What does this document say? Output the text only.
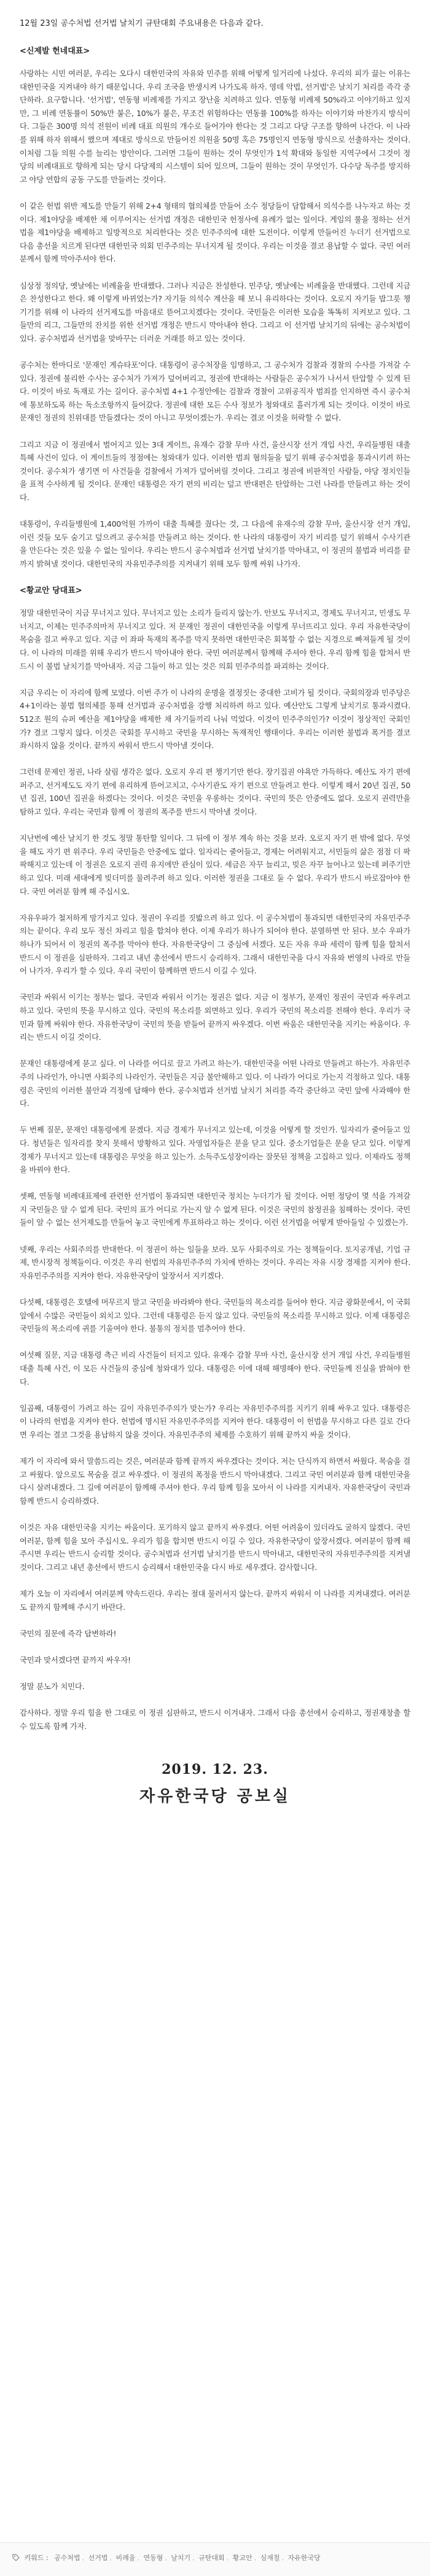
12월 23일 공수처법 선거법 날치기 규탄대회 주요내용은 다음과 같다.
<신제발 헌네대표>

사랑하는 시민 여러분, 우리는 오다시 대한민국의 자유와 민주를 위해 어떻게 일거리에 나섰다. 우리의 피가 끓는 이유는 대한민국을 지켜내야 하기 때문입니다. 우리 조국을 반생시켜 나가도록 하자. 영데 악법, 선거법'은 날치기 처리를 즉각 중단하라. 요구합니다. '선거법', 연동형 비례제를 가지고 장난을 치려하고 있다. 연동형 비례제 50%라고 이야기하고 있지만, 그 비례 연동률이 50%만 붙은, 10%가 붙은, 무조건 위험하다는 연동률 100%를 하자는 이야기와 마찬가지 방식이다. 그들은 300명 의석 전원이 비례 대표 의원의 개수로 들어가야 한다는 것 그리고 다당 구조를 향하여 나간다. 이 나라를 위해 하자 위해서 했으며 제대로 방식으로 만들어진 의원을 50명 혹은 75명인지 연동형 방식으로 선출하자는 것이다. 이처럼 그들 의원 수를 늘리는 방안이다. 그러면 그들이 원하는 것이 무엇인가 1석 확대와 동일한 지역구에서 그것이 정당의 비례대표로 향하게 되는 당시 다당제의 시스템이 되어 있으며, 그들이 원하는 것이 무엇인가. 다수당 독주를 방지하고 야당 연합의 공동 구도를 만들려는 것이다.

이 같은 헌법 위반 제도를 만들기 위해 2+4 형태의 협의체를 만들어 소수 정당들이 담합해서 의석수를 나누자고 하는 것이다. 제1야당을 배제한 채 이루어지는 선거법 개정은 대한민국 헌정사에 유례가 없는 일이다. 게임의 룰을 정하는 선거법을 제1야당을 배제하고 일방적으로 처리한다는 것은 민주주의에 대한 도전이다. 이렇게 만들어진 누더기 선거법으로 다음 총선을 치르게 된다면 대한민국 의회 민주주의는 무너지게 될 것이다. 우리는 이것을 결코 용납할 수 없다. 국민 여러분께서 함께 막아주셔야 한다.

심상정 정의당, 옛날에는 비례율을 반대했다. 그러나 지금은 찬성한다. 민주당, 옛날에는 비례율을 반대했다. 그런데 지금은 찬성한다고 한다. 왜 이렇게 바뀌었는가? 자기들 의석수 계산을 해 보니 유리하다는 것이다. 오로지 자기들 밥그릇 챙기기를 위해 이 나라의 선거제도를 마음대로 뜯어고치겠다는 것이다. 국민들은 이러한 모습을 똑똑히 지켜보고 있다. 그들만의 리그, 그들만의 잔치를 위한 선거법 개정은 반드시 막아내야 한다. 그리고 이 선거법 날치기의 뒤에는 공수처법이 있다. 공수처법과 선거법을 맞바꾸는 더러운 거래를 하고 있는 것이다.

공수처는 한마디로 '문재인 게슈타포'이다. 대통령이 공수처장을 임명하고, 그 공수처가 검찰과 경찰의 수사를 가져갈 수 있다. 정권에 불리한 수사는 공수처가 가져가 덮어버리고, 정권에 반대하는 사람들은 공수처가 나서서 탄압할 수 있게 된다. 이것이 바로 독재로 가는 길이다. 공수처법 4+1 수정안에는 검찰과 경찰이 고위공직자 범죄를 인지하면 즉시 공수처에 통보하도록 하는 독소조항까지 들어갔다. 정권에 대한 모든 수사 정보가 청와대로 흘러가게 되는 것이다. 이것이 바로 문재인 정권의 친위대를 만들겠다는 것이 아니고 무엇이겠는가. 우리는 결코 이것을 허락할 수 없다.

그리고 지금 이 정권에서 벌어지고 있는 3대 게이트, 유재수 감찰 무마 사건, 울산시장 선거 개입 사건, 우리들병원 대출 특혜 사건이 있다. 이 게이트들의 정점에는 청와대가 있다. 이러한 범죄 혐의들을 덮기 위해 공수처법을 통과시키려 하는 것이다. 공수처가 생기면 이 사건들을 검찰에서 가져가 덮어버릴 것이다. 그리고 정권에 비판적인 사람들, 야당 정치인들을 표적 수사하게 될 것이다. 문재인 대통령은 자기 편의 비리는 덮고 반대편은 탄압하는 그런 나라를 만들려고 하는 것이다.

대통령이, 우리들병원에 1,400억원 가까이 대출 특혜를 줬다는 것, 그 다음에 유재수의 감찰 무마, 울산시장 선거 개입, 이런 것들 모두 숨기고 덮으려고 공수처를 만들려고 하는 것이다. 한 나라의 대통령이 자기 비리를 덮기 위해서 수사기관을 만든다는 것은 있을 수 없는 일이다. 우리는 반드시 공수처법과 선거법 날치기를 막아내고, 이 정권의 불법과 비리를 끝까지 밝혀낼 것이다. 대한민국의 자유민주주의를 지켜내기 위해 모두 함께 싸워 나가자.

<황교안 당대표>

정말 대한민국이 지금 무너지고 있다. 무너지고 있는 소리가 들리지 않는가. 안보도 무너지고, 경제도 무너지고, 민생도 무너지고, 이제는 민주주의마저 무너지고 있다. 저 문재인 정권이 대한민국을 이렇게 무너뜨리고 있다. 우리 자유한국당이 목숨을 걸고 싸우고 있다. 지금 이 좌파 독재의 폭주를 막지 못하면 대한민국은 회복할 수 없는 지경으로 빠져들게 될 것이다. 이 나라의 미래를 위해 우리가 반드시 막아내야 한다. 국민 여러분께서 함께해 주셔야 한다. 우리 함께 힘을 합쳐서 반드시 이 불법 날치기를 막아내자. 지금 그들이 하고 있는 것은 의회 민주주의를 파괴하는 것이다.

지금 우리는 이 자리에 함께 모였다. 이번 주가 이 나라의 운명을 결정짓는 중대한 고비가 될 것이다. 국회의장과 민주당은 4+1이라는 불법 협의체를 통해 선거법과 공수처법을 강행 처리하려 하고 있다. 예산안도 그렇게 날치기로 통과시켰다. 512조 원의 슈퍼 예산을 제1야당을 배제한 채 자기들끼리 나눠 먹었다. 이것이 민주주의인가? 이것이 정상적인 국회인가? 결코 그렇지 않다. 이것은 국회를 무시하고 국민을 무시하는 독재적인 행태이다. 우리는 이러한 불법과 폭거를 결코 좌시하지 않을 것이다. 끝까지 싸워서 반드시 막아낼 것이다.

그런데 문제인 정권, 나라 살림 생각은 없다. 오로지 우리 편 챙기기만 한다. 장기집권 야욕만 가득하다. 예산도 자기 편에 퍼주고, 선거제도도 자기 편에 유리하게 뜯어고치고, 수사기관도 자기 편으로 만들려고 한다. 이렇게 해서 20년 집권, 50년 집권, 100년 집권을 하겠다는 것이다. 이것은 국민을 우롱하는 것이다. 국민의 뜻은 안중에도 없다. 오로지 권력만을 탐하고 있다. 우리는 국민과 함께 이 정권의 폭주를 반드시 막아낼 것이다.

지난번에 예산 날치기 한 것도 정말 통탄할 일이다. 그 뒤에 이 정부 계속 하는 것을 보라. 오로지 자기 편 밖에 없다. 무엇을 해도 자기 편 위주다. 우리 국민들은 안중에도 없다. 일자리는 줄어들고, 경제는 어려워지고, 서민들의 삶은 점점 더 팍팍해지고 있는데 이 정권은 오로지 권력 유지에만 관심이 있다. 세금은 자꾸 늘리고, 빚은 자꾸 늘어나고 있는데 퍼주기만 하고 있다. 미래 세대에게 빚더미를 물려주려 하고 있다. 이러한 정권을 그대로 둘 수 없다. 우리가 반드시 바로잡아야 한다. 국민 여러분 함께 해 주십시오.

자유우파가 철저하게 망가지고 있다. 정권이 우리를 짓밟으려 하고 있다. 이 공수처법이 통과되면 대한민국의 자유민주주의는 끝이다. 우리 모두 정신 차리고 힘을 합쳐야 한다. 이제 우리가 하나가 되어야 한다. 분열하면 안 된다. 보수 우파가 하나가 되어서 이 정권의 폭주를 막아야 한다. 자유한국당이 그 중심에 서겠다. 모든 자유 우파 세력이 함께 힘을 합쳐서 반드시 이 정권을 심판하자. 그리고 내년 총선에서 반드시 승리하자. 그래서 대한민국을 다시 자유와 번영의 나라로 만들어 나가자. 우리가 할 수 있다. 우리 국민이 함께하면 반드시 이길 수 있다.

국민과 싸워서 이기는 정부는 없다. 국민과 싸워서 이기는 정권은 없다. 지금 이 정부가, 문재인 정권이 국민과 싸우려고 하고 있다. 국민의 뜻을 무시하고 있다. 국민의 목소리를 외면하고 있다. 우리가 국민의 목소리를 전해야 한다. 우리가 국민과 함께 싸워야 한다. 자유한국당이 국민의 뜻을 받들어 끝까지 싸우겠다. 이번 싸움은 대한민국을 지키는 싸움이다. 우리는 반드시 이길 것이다.

문재인 대통령에게 묻고 싶다. 이 나라를 어디로 끌고 가려고 하는가. 대한민국을 어떤 나라로 만들려고 하는가. 자유민주주의 나라인가, 아니면 사회주의 나라인가. 국민들은 지금 불안해하고 있다. 이 나라가 어디로 가는지 걱정하고 있다. 대통령은 국민의 이러한 불안과 걱정에 답해야 한다. 공수처법과 선거법 날치기 처리를 즉각 중단하고 국민 앞에 사과해야 한다.

두 번째 질문, 문재인 대통령에게 묻겠다. 지금 경제가 무너지고 있는데, 이것을 어떻게 할 것인가. 일자리가 줄어들고 있다. 청년들은 일자리를 찾지 못해서 방황하고 있다. 자영업자들은 문을 닫고 있다. 중소기업들은 문을 닫고 있다. 이렇게 경제가 무너지고 있는데 대통령은 무엇을 하고 있는가. 소득주도성장이라는 잘못된 정책을 고집하고 있다. 이제라도 정책을 바꿔야 한다.

셋째, 연동형 비례대표제에 관련한 선거법이 통과되면 대한민국 정치는 누더기가 될 것이다. 어떤 정당이 몇 석을 가져갈지 국민들은 알 수 없게 된다. 국민의 표가 어디로 가는지 알 수 없게 된다. 이것은 국민의 참정권을 침해하는 것이다. 국민들이 알 수 없는 선거제도를 만들어 놓고 국민에게 투표하라고 하는 것이다. 이런 선거법을 어떻게 받아들일 수 있겠는가.

넷째, 우리는 사회주의를 반대한다. 이 정권이 하는 일들을 보라. 모두 사회주의로 가는 정책들이다. 토지공개념, 기업 규제, 반시장적 정책들이다. 이것은 우리 헌법의 자유민주주의 가치에 반하는 것이다. 우리는 자유 시장 경제를 지켜야 한다. 자유민주주의를 지켜야 한다. 자유한국당이 앞장서서 지키겠다.

다섯째, 대통령은 호텔에 머무르지 말고 국민을 바라봐야 한다. 국민들의 목소리를 들어야 한다. 지금 광화문에서, 이 국회 앞에서 수많은 국민들이 외치고 있다. 그런데 대통령은 듣지 않고 있다. 국민들의 목소리를 무시하고 있다. 이제 대통령은 국민들의 목소리에 귀를 기울여야 한다. 불통의 정치를 멈추어야 한다.

여섯째 질문, 지금 대통령 측근 비리 사건들이 터지고 있다. 유재수 감찰 무마 사건, 울산시장 선거 개입 사건, 우리들병원 대출 특혜 사건, 이 모든 사건들의 중심에 청와대가 있다. 대통령은 이에 대해 해명해야 한다. 국민들께 진실을 밝혀야 한다.

일곱째, 대통령이 가려고 하는 길이 자유민주주의가 맞는가? 우리는 자유민주주의를 지키기 위해 싸우고 있다. 대통령은 이 나라의 헌법을 지켜야 한다. 헌법에 명시된 자유민주주의를 지켜야 한다. 대통령이 이 헌법을 무시하고 다른 길로 간다면 우리는 결코 그것을 용납하지 않을 것이다. 자유민주주의 체제를 수호하기 위해 끝까지 싸울 것이다.

제가 이 자리에 와서 말씀드리는 것은, 여러분과 함께 끝까지 싸우겠다는 것이다. 저는 단식까지 하면서 싸웠다. 목숨을 걸고 싸웠다. 앞으로도 목숨을 걸고 싸우겠다. 이 정권의 폭정을 반드시 막아내겠다. 그리고 국민 여러분과 함께 대한민국을 다시 살려내겠다. 그 길에 여러분이 함께해 주셔야 한다. 우리 함께 힘을 모아서 이 나라를 지켜내자. 자유한국당이 국민과 함께 반드시 승리하겠다.

이것은 자유 대한민국을 지키는 싸움이다. 포기하지 않고 끝까지 싸우겠다. 어떤 어려움이 있더라도 굴하지 않겠다. 국민 여러분, 함께 힘을 모아 주십시오. 우리가 힘을 합치면 반드시 이길 수 있다. 자유한국당이 앞장서겠다. 여러분이 함께 해주시면 우리는 반드시 승리할 것이다. 공수처법과 선거법 날치기를 반드시 막아내고, 대한민국의 자유민주주의를 지켜낼 것이다. 그리고 내년 총선에서 반드시 승리해서 대한민국을 다시 바로 세우겠다. 감사합니다.

제가 오늘 이 자리에서 여러분께 약속드린다. 우리는 절대 물러서지 않는다. 끝까지 싸워서 이 나라를 지켜내겠다. 여러분도 끝까지 함께해 주시기 바란다.

국민의 질문에 즉각 답변하라!

국민과 맞서겠다면 끝까지 싸우자!

정말 분노가 치민다.

감사하다. 정말 우리 힘을 한 그대로 이 정권 심판하고, 반드시 이겨내자. 그래서 다음 총선에서 승리하고, 정권재창출 할 수 있도록 함께 가자.

2019. 12. 23.
자유한국당 공보실
키워드 : 공수처법 , 선거법 , 비례율 , 연동형 , 날치기 , 규탄대회 , 황교안 , 심재철 , 자유한국당
